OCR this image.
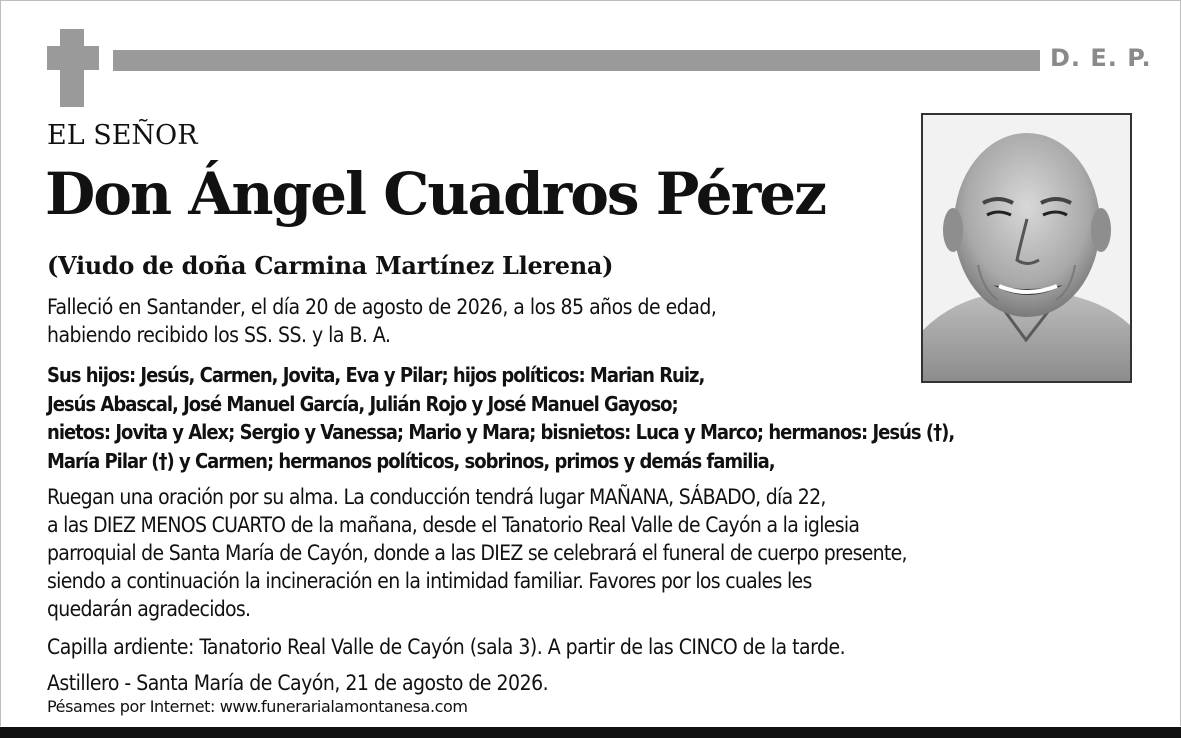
D. E. P.
EL SEÑOR
Don Ángel Cuadros Pérez
(Viudo de doña Carmina Martínez Llerena)

Falleció en Santander, el día 20 de agosto de 2026, a los 85 años de edad,
habiendo recibido los SS. SS. y la B. A.

Sus hijos: Jesús, Carmen, Jovita, Eva y Pilar; hijos políticos: Marian Ruiz,
Jesús Abascal, José Manuel García, Julián Rojo y José Manuel Gayoso;
nietos: Jovita y Alex; Sergio y Vanessa; Mario y Mara; bisnietos: Luca y Marco; hermanos: Jesús (†),
María Pilar (†) y Carmen; hermanos políticos, sobrinos, primos y demás familia,

Ruegan una oración por su alma. La conducción tendrá lugar MAÑANA, SÁBADO, día 22,
a las DIEZ MENOS CUARTO de la mañana, desde el Tanatorio Real Valle de Cayón a la iglesia
parroquial de Santa María de Cayón, donde a las DIEZ se celebrará el funeral de cuerpo presente,
siendo a continuación la incineración en la intimidad familiar. Favores por los cuales les
quedarán agradecidos.

Capilla ardiente: Tanatorio Real Valle de Cayón (sala 3). A partir de las CINCO de la tarde.

Astillero - Santa María de Cayón, 21 de agosto de 2026.

Pésames por Internet: www.funerarialamontanesa.com
